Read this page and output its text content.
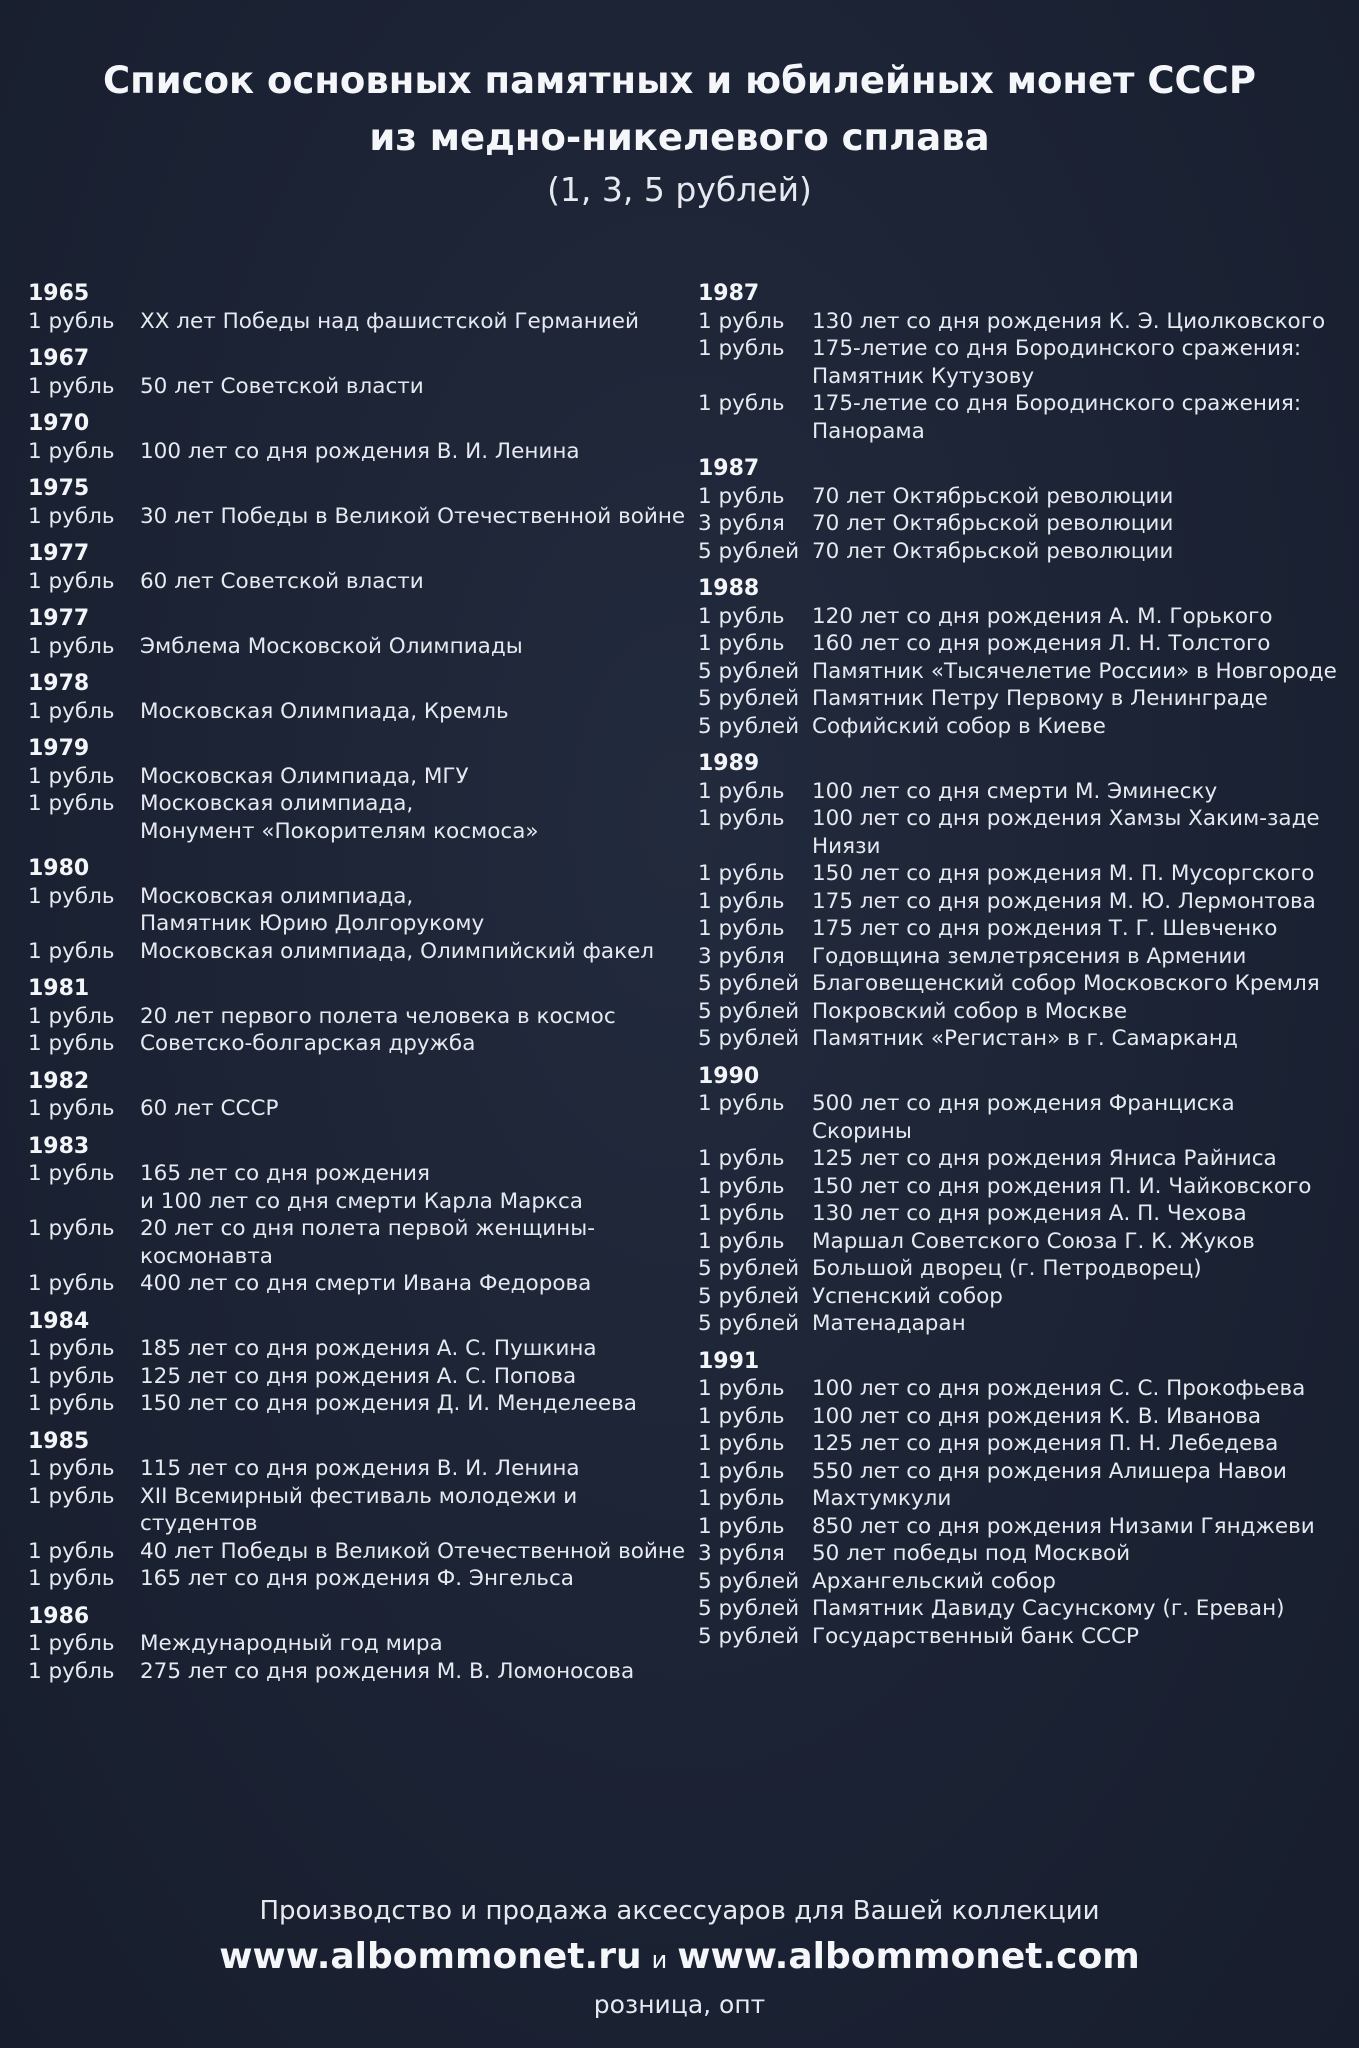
Список основных памятных и юбилейных монет СССР
из медно-никелевого сплава
(1, 3, 5 рублей)
1965
1 рубль	XX лет Победы над фашистской Германией
1967
1 рубль	50 лет Советской власти
1970
1 рубль	100 лет со дня рождения В. И. Ленина
1975
1 рубль	30 лет Победы в Великой Отечественной войне
1977
1 рубль	60 лет Советской власти
1977
1 рубль	Эмблема Московской Олимпиады
1978
1 рубль	Московская Олимпиада, Кремль
1979
1 рубль	Московская Олимпиада, МГУ
1 рубль	Московская олимпиада,
Монумент «Покорителям космоса»
1980
1 рубль	Московская олимпиада,
Памятник Юрию Долгорукому
1 рубль	Московская олимпиада, Олимпийский факел
1981
1 рубль	20 лет первого полета человека в космос
1 рубль	Советско-болгарская дружба
1982
1 рубль	60 лет СССР
1983
1 рубль	165 лет со дня рождения
и 100 лет со дня смерти Карла Маркса
1 рубль	20 лет со дня полета первой женщины-
космонавта
1 рубль	400 лет со дня смерти Ивана Федорова
1984
1 рубль	185 лет со дня рождения А. С. Пушкина
1 рубль	125 лет со дня рождения А. С. Попова
1 рубль	150 лет со дня рождения Д. И. Менделеева
1985
1 рубль	115 лет со дня рождения В. И. Ленина
1 рубль	XII Всемирный фестиваль молодежи и студентов
1 рубль	40 лет Победы в Великой Отечественной войне
1 рубль	165 лет со дня рождения Ф. Энгельса
1986
1 рубль	Международный год мира
1 рубль	275 лет со дня рождения М. В. Ломоносова
1987
1 рубль	130 лет со дня рождения К. Э. Циолковского
1 рубль	175-летие со дня Бородинского сражения:
Памятник Кутузову
1 рубль	175-летие со дня Бородинского сражения:
Панорама
1987
1 рубль	70 лет Октябрьской революции
3 рубля	70 лет Октябрьской революции
5 рублей 70 лет Октябрьской революции
1988
1 рубль	120 лет со дня рождения А. М. Горького
1 рубль	160 лет со дня рождения Л. Н. Толстого
5 рублей Памятник «Тысячелетие России» в Новгороде
5 рублей Памятник Петру Первому в Ленинграде
5 рублей Софийский собор в Киеве
1989
1 рубль	100 лет со дня смерти М. Эминеску
1 рубль	100 лет со дня рождения Хамзы Хаким-заде
Ниязи
1 рубль	150 лет со дня рождения М. П. Мусоргского
1 рубль	175 лет со дня рождения М. Ю. Лермонтова
1 рубль	175 лет со дня рождения Т. Г. Шевченко
3 рубля	Годовщина землетрясения в Армении
5 рублей Благовещенский собор Московского Кремля
5 рублей Покровский собор в Москве
5 рублей Памятник «Регистан» в г. Самарканд
1990
1 рубль	500 лет со дня рождения Франциска Скорины
1 рубль	125 лет со дня рождения Яниса Райниса
1 рубль	150 лет со дня рождения П. И. Чайковского
1 рубль	130 лет со дня рождения А. П. Чехова
1 рубль	Маршал Советского Союза Г. К. Жуков
5 рублей Большой дворец (г. Петродворец)
5 рублей Успенский собор
5 рублей Матенадаран
1991
1 рубль	100 лет со дня рождения С. С. Прокофьева
1 рубль	100 лет со дня рождения К. В. Иванова
1 рубль	125 лет со дня рождения П. Н. Лебедева
1 рубль	550 лет со дня рождения Алишера Навои
1 рубль	Махтумкули
1 рубль	850 лет со дня рождения Низами Гянджеви
3 рубля	50 лет победы под Москвой
5 рублей Архангельский собор
5 рублей Памятник Давиду Сасунскому (г. Ереван)
5 рублей Государственный банк СССР
Производство и продажа аксессуаров для Вашей коллекции
www.albommonet.ru и www.albommonet.com
розница, опт
